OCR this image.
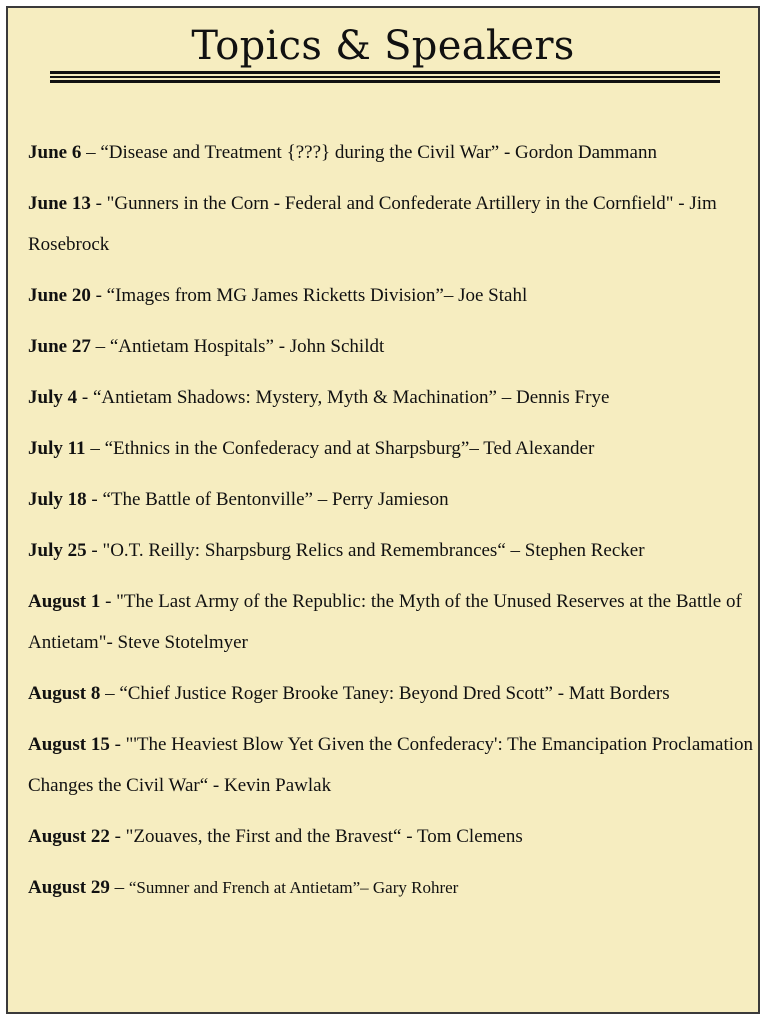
Topics & Speakers
June 6 – “Disease and Treatment {???} during the Civil War” - Gordon Dammann
June 13 - "Gunners in the Corn - Federal and Confederate Artillery in the Cornfield" - Jim Rosebrock
June 20 - “Images from MG James Ricketts Division”– Joe Stahl
June 27 – “Antietam Hospitals” - John Schildt
July 4 - “Antietam Shadows: Mystery, Myth & Machination” – Dennis Frye
July 11 – “Ethnics in the Confederacy and at Sharpsburg”– Ted Alexander
July 18 - “The Battle of Bentonville” – Perry Jamieson
July 25 - "O.T. Reilly: Sharpsburg Relics and Remembrances“ – Stephen Recker
August 1 - "The Last Army of the Republic: the Myth of the Unused Reserves at the Battle of Antietam"- Steve Stotelmyer
August 8 – “Chief Justice Roger Brooke Taney: Beyond Dred Scott” - Matt Borders
August 15 - "'The Heaviest Blow Yet Given the Confederacy': The Emancipation Proclamation Changes the Civil War“ - Kevin Pawlak
August 22 - "Zouaves, the First and the Bravest“ - Tom Clemens
August 29 – “Sumner and French at Antietam”– Gary Rohrer
